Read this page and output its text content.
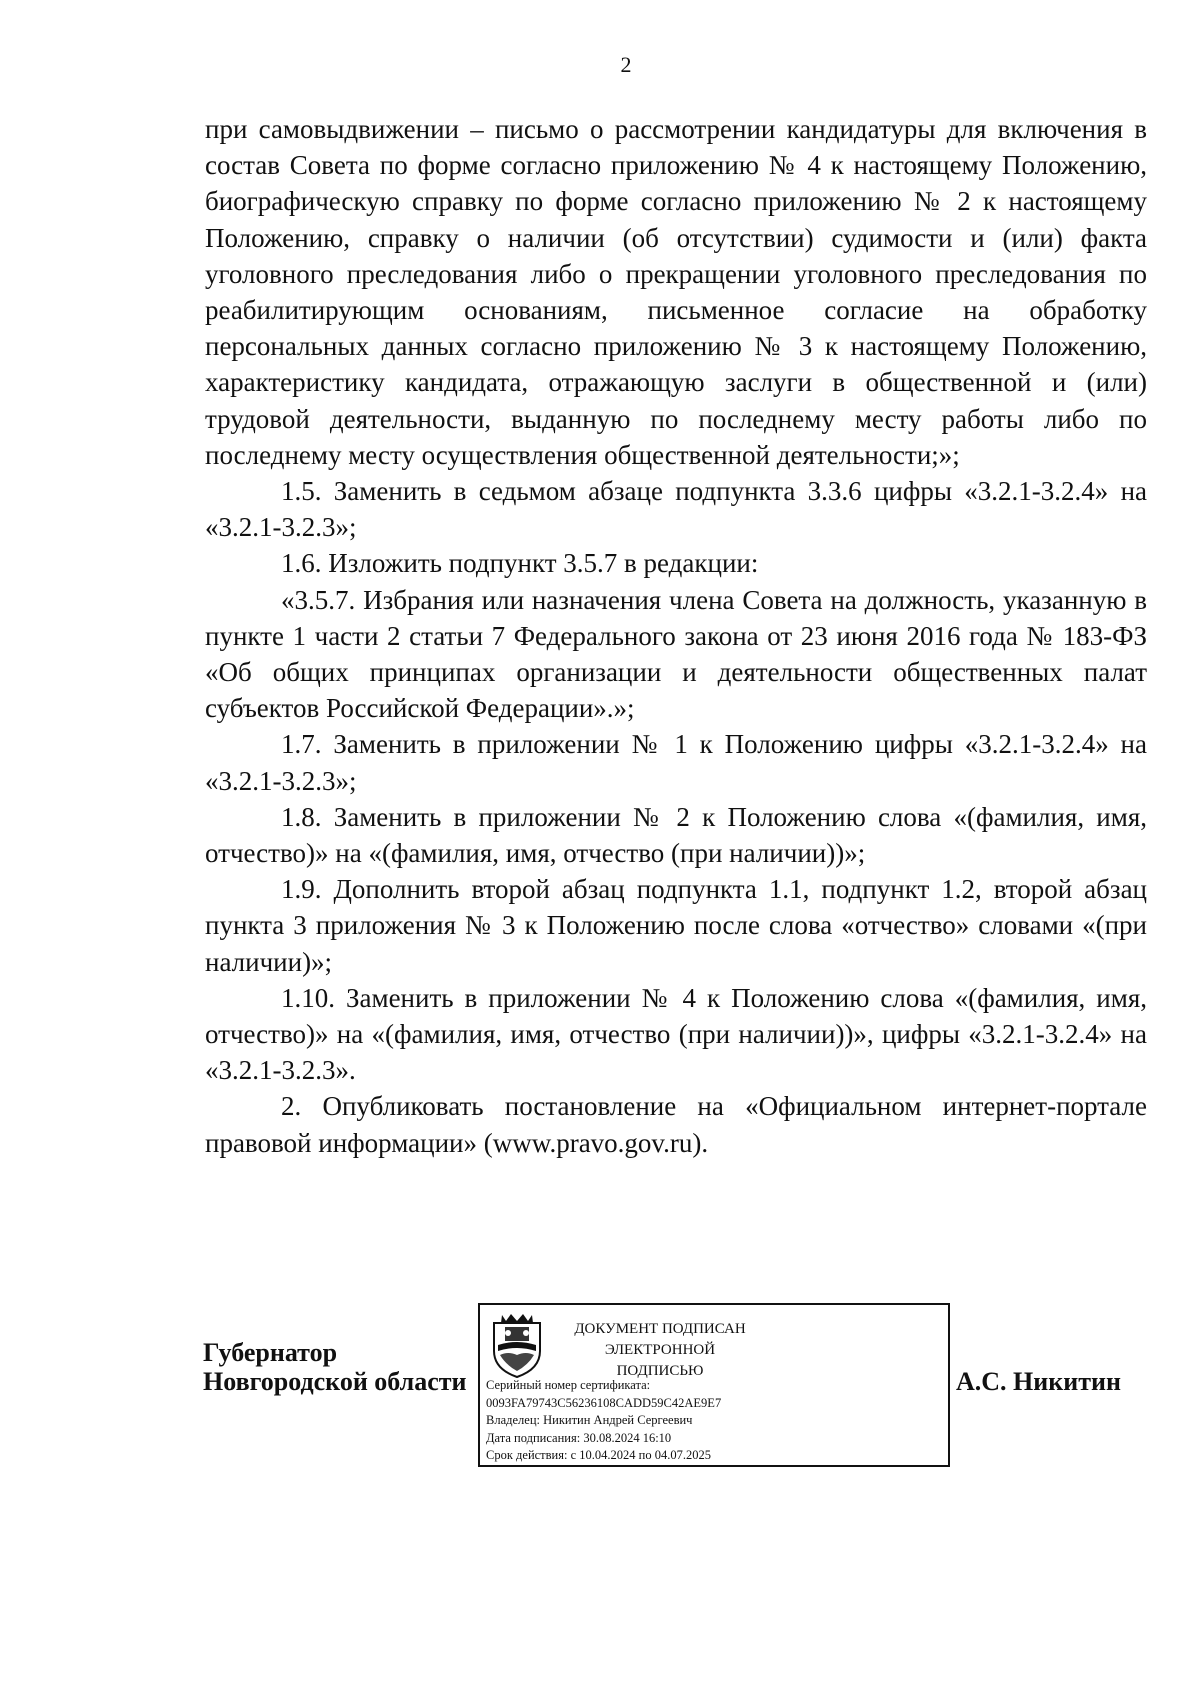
2

при самовыдвижении – письмо о рассмотрении кандидатуры для включения в состав Совета по форме согласно приложению № 4 к настоящему Положению, биографическую справку по форме согласно приложению № 2 к настоящему Положению, справку о наличии (об отсутствии) судимости и (или) факта уголовного преследования либо о прекращении уголовного преследования по реабилитирующим основаниям, письменное согласие на обработку персональных данных согласно приложению № 3 к настоящему Положению, характеристику кандидата, отражающую заслуги в общественной и (или) трудовой деятельности, выданную по последнему месту работы либо по последнему месту осуществления общественной деятельности;»;

1.5. Заменить в седьмом абзаце подпункта 3.3.6 цифры «3.2.1-3.2.4» на «3.2.1-3.2.3»;

1.6. Изложить подпункт 3.5.7 в редакции:

«3.5.7. Избрания или назначения члена Совета на должность, указанную в пункте 1 части 2 статьи 7 Федерального закона от 23 июня 2016 года № 183-ФЗ «Об общих принципах организации и деятельности общественных палат субъектов Российской Федерации».»;

1.7. Заменить в приложении № 1 к Положению цифры «3.2.1-3.2.4» на «3.2.1-3.2.3»;

1.8. Заменить в приложении № 2 к Положению слова «(фамилия, имя, отчество)» на «(фамилия, имя, отчество (при наличии))»;

1.9. Дополнить второй абзац подпункта 1.1, подпункт 1.2, второй абзац пункта 3 приложения № 3 к Положению после слова «отчество» словами «(при наличии)»;

1.10. Заменить в приложении № 4 к Положению слова «(фамилия, имя, отчество)» на «(фамилия, имя, отчество (при наличии))», цифры «3.2.1-3.2.4» на «3.2.1-3.2.3».

2. Опубликовать постановление на «Официальном интернет-портале правовой информации» (www.pravo.gov.ru).

Губернатор
Новгородской области
ДОКУМЕНТ ПОДПИСАН
ЭЛЕКТРОННОЙ ПОДПИСЬЮ
Серийный номер сертификата:
0093FA79743C56236108CADD59C42AE9E7
Владелец: Никитин Андрей Сергеевич
Дата подписания: 30.08.2024 16:10
Срок действия: с 10.04.2024 по 04.07.2025
А.С. Никитин
